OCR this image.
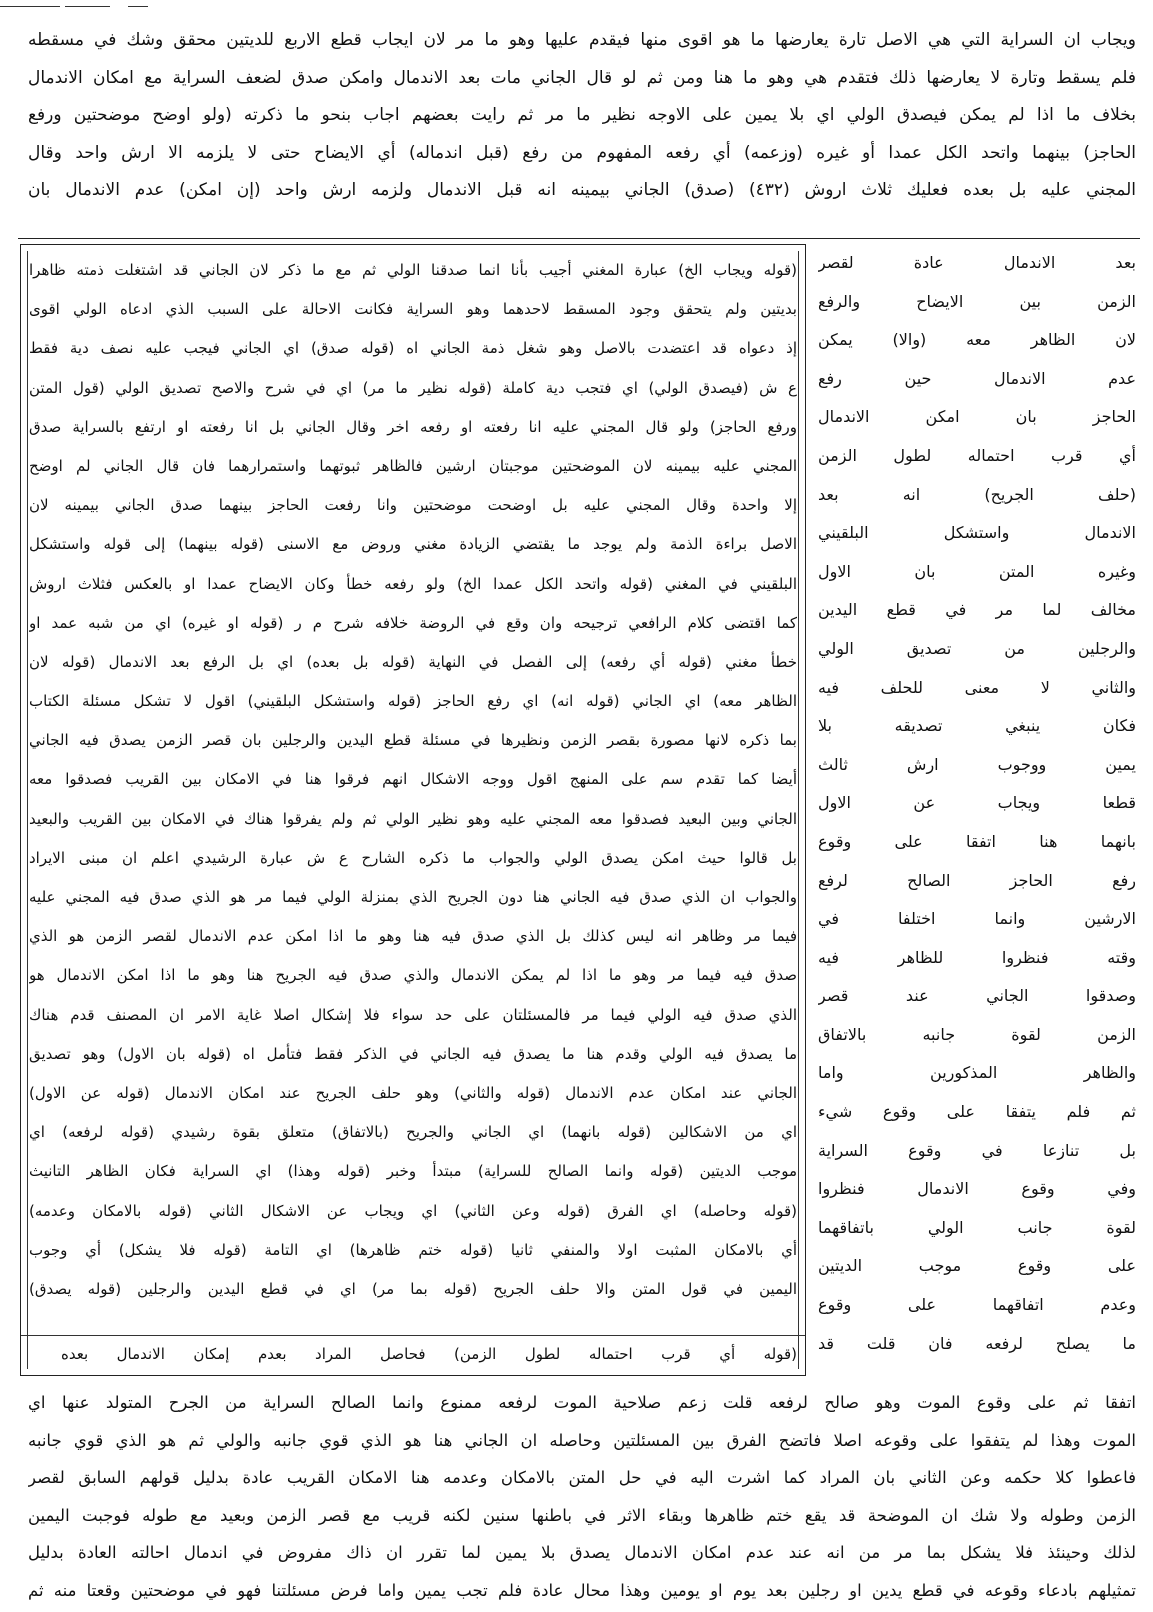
ويجاب ان السراية التي هي الاصل تارة يعارضها ما هو اقوى منها فيقدم عليها وهو ما مر لان ايجاب قطع الاربع للديتين محقق وشك في مسقطه
فلم يسقط وتارة لا يعارضها ذلك فتقدم هي وهو ما هنا ومن ثم لو قال الجاني مات بعد الاندمال وامكن صدق لضعف السراية مع امكان الاندمال
بخلاف ما اذا لم يمكن فيصدق الولي اي بلا يمين على الاوجه نظير ما مر ثم رايت بعضهم اجاب بنحو ما ذكرته (ولو اوضح موضحتين ورفع
الحاجز) بينهما واتحد الكل عمدا أو غيره (وزعمه) أي رفعه المفهوم من رفع (قبل اندماله) أي الايضاح حتى لا يلزمه الا ارش واحد وقال
المجني عليه بل بعده فعليك ثلاث اروش (٤٣٢) (صدق) الجاني بيمينه انه قبل الاندمال ولزمه ارش واحد (إن امكن) عدم الاندمال بان
(قوله ويجاب الخ) عبارة المغني أجيب بأنا انما صدقنا الولي ثم مع ما ذكر لان الجاني قد اشتغلت ذمته ظاهرا
بديتين ولم يتحقق وجود المسقط لاحدهما وهو السراية فكانت الاحالة على السبب الذي ادعاه الولي اقوى
إذ دعواه قد اعتضدت بالاصل وهو شغل ذمة الجاني اه (قوله صدق) اي الجاني فيجب عليه نصف دية فقط
ع ش (فيصدق الولي) اي فتجب دية كاملة (قوله نظير ما مر) اي في شرح والاصح تصديق الولي (قول المتن
ورفع الحاجز) ولو قال المجني عليه انا رفعته او رفعه اخر وقال الجاني بل انا رفعته او ارتفع بالسراية صدق
المجني عليه بيمينه لان الموضحتين موجبتان ارشين فالظاهر ثبوتهما واستمرارهما فان قال الجاني لم اوضح
إلا واحدة وقال المجني عليه بل اوضحت موضحتين وانا رفعت الحاجز بينهما صدق الجاني بيمينه لان
الاصل براءة الذمة ولم يوجد ما يقتضي الزيادة مغني وروض مع الاسنى (قوله بينهما) إلى قوله واستشكل
البلقيني في المغني (قوله واتحد الكل عمدا الخ) ولو رفعه خطأ وكان الايضاح عمدا او بالعكس فثلاث اروش
كما اقتضى كلام الرافعي ترجيحه وان وقع في الروضة خلافه شرح م ر (قوله او غيره) اي من شبه عمد او
خطأ مغني (قوله أي رفعه) إلى الفصل في النهاية (قوله بل بعده) اي بل الرفع بعد الاندمال (قوله لان
الظاهر معه) اي الجاني (قوله انه) اي رفع الحاجز (قوله واستشكل البلقيني) اقول لا تشكل مسئلة الكتاب
بما ذكره لانها مصورة بقصر الزمن ونظيرها في مسئلة قطع اليدين والرجلين بان قصر الزمن يصدق فيه الجاني
أيضا كما تقدم سم على المنهج اقول ووجه الاشكال انهم فرقوا هنا في الامكان بين القريب فصدقوا معه
الجاني وبين البعيد فصدقوا معه المجني عليه وهو نظير الولي ثم ولم يفرقوا هناك في الامكان بين القريب والبعيد
بل قالوا حيث امكن يصدق الولي والجواب ما ذكره الشارح ع ش عبارة الرشيدي اعلم ان مبنى الايراد
والجواب ان الذي صدق فيه الجاني هنا دون الجريح الذي بمنزلة الولي فيما مر هو الذي صدق فيه المجني عليه
فيما مر وظاهر انه ليس كذلك بل الذي صدق فيه هنا وهو ما اذا امكن عدم الاندمال لقصر الزمن هو الذي
صدق فيه فيما مر وهو ما اذا لم يمكن الاندمال والذي صدق فيه الجريح هنا وهو ما اذا امكن الاندمال هو
الذي صدق فيه الولي فيما مر فالمسئلتان على حد سواء فلا إشكال اصلا غاية الامر ان المصنف قدم هناك
ما يصدق فيه الولي وقدم هنا ما يصدق فيه الجاني في الذكر فقط فتأمل اه (قوله بان الاول) وهو تصديق
الجاني عند امكان عدم الاندمال (قوله والثاني) وهو حلف الجريح عند امكان الاندمال (قوله عن الاول)
اي من الاشكالين (قوله بانهما) اي الجاني والجريح (بالاتفاق) متعلق بقوة رشيدي (قوله لرفعه) اي
موجب الديتين (قوله وانما الصالح للسراية) مبتدأ وخبر (قوله وهذا) اي السراية فكان الظاهر التانيث
(قوله وحاصله) اي الفرق (قوله وعن الثاني) اي ويجاب عن الاشكال الثاني (قوله بالامكان وعدمه)
أي بالامكان المثبت اولا والمنفي ثانيا (قوله ختم ظاهرها) اي التامة (قوله فلا يشكل) أي وجوب
اليمين في قول المتن والا حلف الجريح (قوله بما مر) اي في قطع اليدين والرجلين (قوله يصدق)
(قوله أي قرب احتماله لطول الزمن) فحاصل المراد بعدم إمكان الاندمال بعده
بعد الاندمال عادة لقصر
الزمن بين الايضاح والرفع
لان الظاهر معه (والا) يمكن
عدم الاندمال حين رفع
الحاجز بان امكن الاندمال
أي قرب احتماله لطول الزمن
(حلف الجريح) انه بعد
الاندمال واستشكل البلقيني
وغيره المتن بان الاول
مخالف لما مر في قطع اليدين
والرجلين من تصديق الولي
والثاني لا معنى للحلف فيه
فكان ينبغي تصديقه بلا
يمين ووجوب ارش ثالث
قطعا ويجاب عن الاول
بانهما هنا اتفقا على وقوع
رفع الحاجز الصالح لرفع
الارشين وانما اختلفا في
وقته فنظروا للظاهر فيه
وصدقوا الجاني عند قصر
الزمن لقوة جانبه بالاتفاق
والظاهر المذكورين واما
ثم فلم يتفقا على وقوع شيء
بل تنازعا في وقوع السراية
وفي وقوع الاندمال فنظروا
لقوة جانب الولي باتفاقهما
على وقوع موجب الديتين
وعدم اتفاقهما على وقوع
ما يصلح لرفعه فان قلت قد
اتفقا ثم على وقوع الموت وهو صالح لرفعه قلت زعم صلاحية الموت لرفعه ممنوع وانما الصالح السراية من الجرح المتولد عنها اي
الموت وهذا لم يتفقوا على وقوعه اصلا فاتضح الفرق بين المسئلتين وحاصله ان الجاني هنا هو الذي قوي جانبه والولي ثم هو الذي قوي جانبه
فاعطوا كلا حكمه وعن الثاني بان المراد كما اشرت اليه في حل المتن بالامكان وعدمه هنا الامكان القريب عادة بدليل قولهم السابق لقصر
الزمن وطوله ولا شك ان الموضحة قد يقع ختم ظاهرها وبقاء الاثر في باطنها سنين لكنه قريب مع قصر الزمن وبعيد مع طوله فوجبت اليمين
لذلك وحينئذ فلا يشكل بما مر من انه عند عدم امكان الاندمال يصدق بلا يمين لما تقرر ان ذاك مفروض في اندمال احالته العادة بدليل
تمثيلهم بادعاء وقوعه في قطع يدين او رجلين بعد يوم او يومين وهذا محال عادة فلم تجب يمين واما فرض مسئلتنا فهو في موضحتين وقعتا منه ثم
